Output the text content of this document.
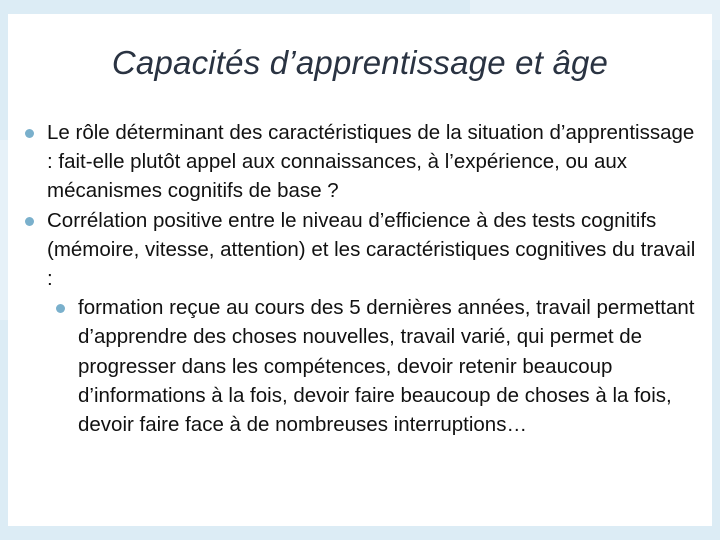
Capacités d’apprentissage et âge

Le rôle déterminant des caractéristiques de la situation d’apprentissage : fait-elle plutôt appel aux connaissances, à l’expérience, ou aux mécanismes cognitifs de base ?

Corrélation positive entre le niveau d’efficience à des tests cognitifs (mémoire, vitesse, attention) et les caractéristiques cognitives du travail :

formation reçue au cours des 5 dernières années, travail permettant d’apprendre des choses nouvelles, travail varié, qui permet de progresser dans les compétences, devoir retenir beaucoup d’informations à la fois, devoir faire beaucoup de choses à la fois, devoir faire face à de nombreuses interruptions…
